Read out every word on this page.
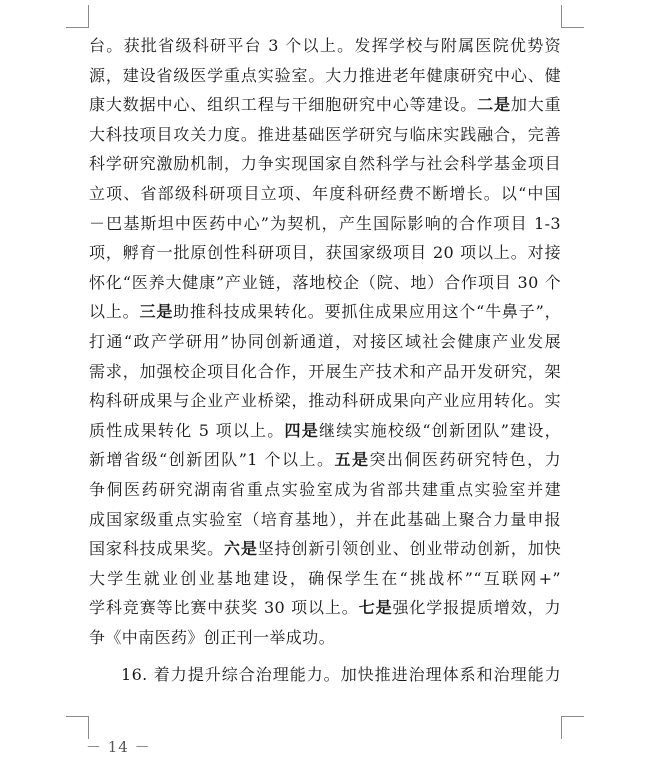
台。获批省级科研平台 3 个以上。发挥学校与附属医院优势资
源，建设省级医学重点实验室。大力推进老年健康研究中心、健
康大数据中心、组织工程与干细胞研究中心等建设。二是加大重
大科技项目攻关力度。推进基础医学研究与临床实践融合，完善
科学研究激励机制，力争实现国家自然科学与社会科学基金项目
立项、省部级科研项目立项、年度科研经费不断增长。以“中国
－巴基斯坦中医药中心”为契机，产生国际影响的合作项目 1-3
项，孵育一批原创性科研项目，获国家级项目 20 项以上。对接
怀化“医养大健康”产业链，落地校企（院、地）合作项目 30 个
以上。三是助推科技成果转化。要抓住成果应用这个“牛鼻子”，
打通“政产学研用”协同创新通道，对接区域社会健康产业发展
需求，加强校企项目化合作，开展生产技术和产品开发研究，架
构科研成果与企业产业桥梁，推动科研成果向产业应用转化。实
质性成果转化 5 项以上。四是继续实施校级“创新团队”建设，
新增省级“创新团队”1 个以上。五是突出侗医药研究特色，力
争侗医药研究湖南省重点实验室成为省部共建重点实验室并建
成国家级重点实验室（培育基地），并在此基础上聚合力量申报
国家科技成果奖。六是坚持创新引领创业、创业带动创新，加快
大学生就业创业基地建设，确保学生在“挑战杯”“互联网+”
学科竞赛等比赛中获奖 30 项以上。七是强化学报提质增效，力
争《中南医药》创正刊一举成功。
16. 着力提升综合治理能力。加快推进治理体系和治理能力
－ 14 －
